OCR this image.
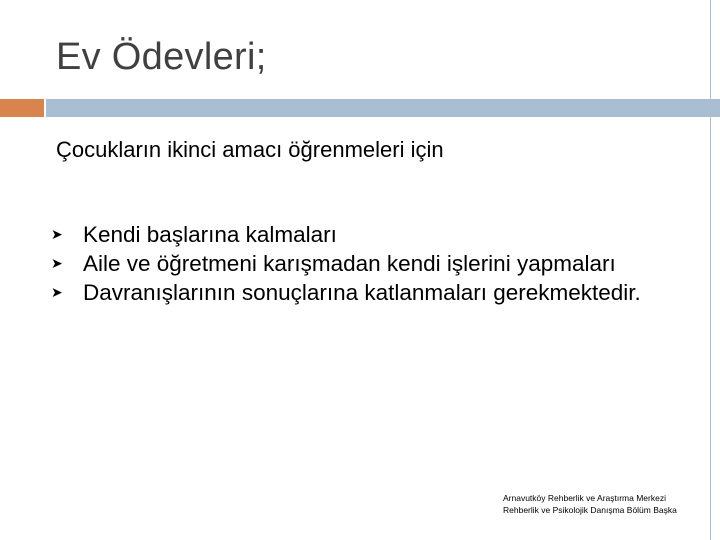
Ev Ödevleri;
Çocukların ikinci amacı öğrenmeleri için
➤ Kendi başlarına kalmaları
➤ Aile ve öğretmeni karışmadan kendi işlerini yapmaları
➤ Davranışlarının sonuçlarına katlanmaları gerekmektedir.
Arnavutköy Rehberlik ve Araştırma Merkezi
Rehberlik ve Psikolojik Danışma Bölüm Başka
